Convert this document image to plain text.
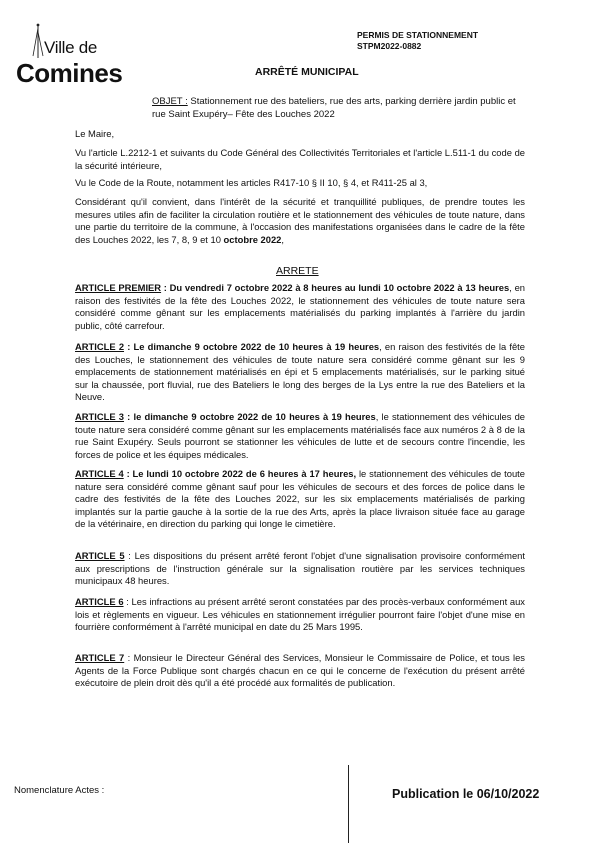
Ville de
Comines
PERMIS DE STATIONNEMENT
STPM2022-0882
ARRÊTÉ MUNICIPAL
OBJET : Stationnement rue des bateliers, rue des arts, parking derrière jardin public et rue Saint Exupéry– Fête des Louches 2022
Le Maire,
Vu l'article L.2212-1 et suivants du Code Général des Collectivités Territoriales et l'article L.511-1 du code de la sécurité intérieure,
Vu le Code de la Route, notamment les articles R417-10 § II 10, § 4, et R411-25 al 3,
Considérant qu'il convient, dans l'intérêt de la sécurité et tranquillité publiques, de prendre toutes les mesures utiles afin de faciliter la circulation routière et le stationnement des véhicules de toute nature, dans une partie du territoire de la commune, à l'occasion des manifestations organisées dans le cadre de la fête des Louches 2022, les 7, 8, 9 et 10 octobre 2022,
ARRETE
ARTICLE PREMIER : Du vendredi 7 octobre 2022 à 8 heures au lundi 10 octobre 2022 à 13 heures, en raison des festivités de la fête des Louches 2022, le stationnement des véhicules de toute nature sera considéré comme gênant sur les emplacements matérialisés du parking implantés à l'arrière du jardin public, côté carrefour.
ARTICLE 2 : Le dimanche 9 octobre 2022 de 10 heures à 19 heures, en raison des festivités de la fête des Louches, le stationnement des véhicules de toute nature sera considéré comme gênant sur les 9 emplacements de stationnement matérialisés en épi et 5 emplacements matérialisés, sur le parking situé sur la chaussée, port fluvial, rue des Bateliers le long des berges de la Lys entre la rue des Bateliers et la Neuve.
ARTICLE 3 : le dimanche 9 octobre 2022 de 10 heures à 19 heures, le stationnement des véhicules de toute nature sera considéré comme gênant sur les emplacements matérialisés face aux numéros 2 à 8 de la rue Saint Exupéry. Seuls pourront se stationner les véhicules de lutte et de secours contre l'incendie, les forces de police et les équipes médicales.
ARTICLE 4 : Le lundi 10 octobre 2022 de 6 heures à 17 heures, le stationnement des véhicules de toute nature sera considéré comme gênant sauf pour les véhicules de secours et des forces de police dans le cadre des festivités de la fête des Louches 2022, sur les six emplacements matérialisés de parking implantés sur la partie gauche à la sortie de la rue des Arts, après la place livraison située face au garage de la vétérinaire, en direction du parking qui longe le cimetière.
ARTICLE 5 : Les dispositions du présent arrêté feront l'objet d'une signalisation provisoire conformément aux prescriptions de l'instruction générale sur la signalisation routière par les services techniques municipaux 48 heures.
ARTICLE 6 : Les infractions au présent arrêté seront constatées par des procès-verbaux conformément aux lois et règlements en vigueur. Les véhicules en stationnement irrégulier pourront faire l'objet d'une mise en fourrière conformément à l'arrêté municipal en date du 25 Mars 1995.
ARTICLE 7 : Monsieur le Directeur Général des Services, Monsieur le Commissaire de Police, et tous les Agents de la Force Publique sont chargés chacun en ce qui le concerne de l'exécution du présent arrêté exécutoire de plein droit dès qu'il a été procédé aux formalités de publication.
Nomenclature Actes :	Publication le 06/10/2022
